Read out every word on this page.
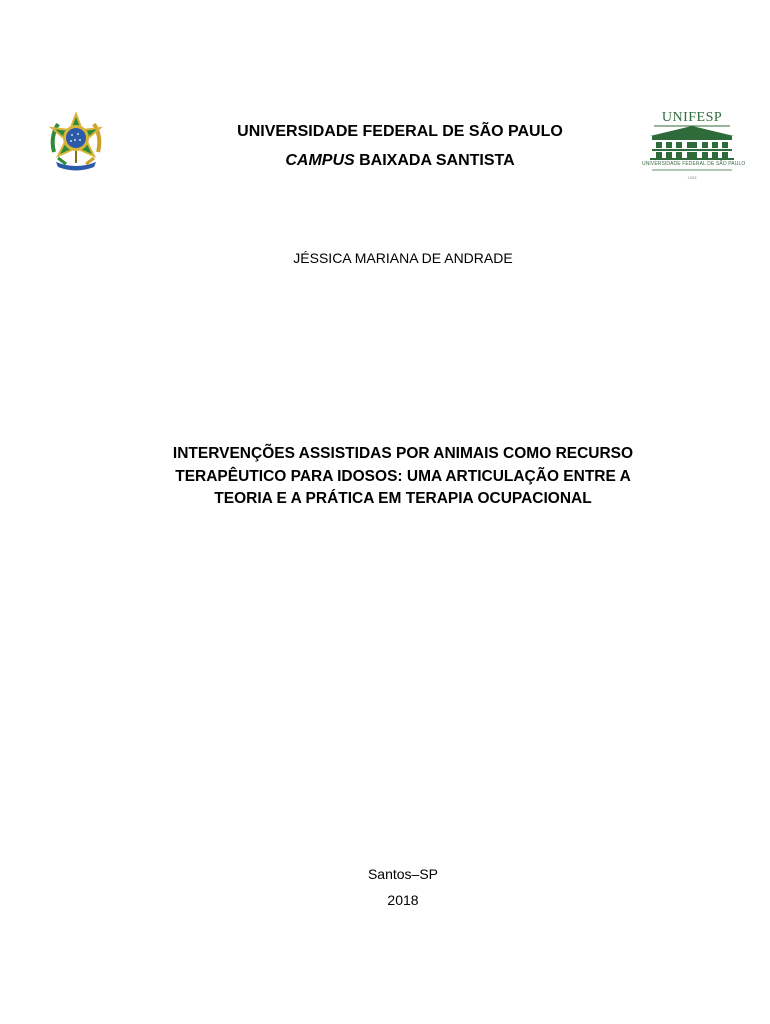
UNIFESP
UNIVERSIDADE FEDERAL DE SÃO PAULO
1933
UNIVERSIDADE FEDERAL DE SÃO PAULO
CAMPUS BAIXADA SANTISTA
JÉSSICA MARIANA DE ANDRADE
INTERVENÇÕES ASSISTIDAS POR ANIMAIS COMO RECURSO
TERAPÊUTICO PARA IDOSOS: UMA ARTICULAÇÃO ENTRE A
TEORIA E A PRÁTICA EM TERAPIA OCUPACIONAL
Santos–SP
2018
